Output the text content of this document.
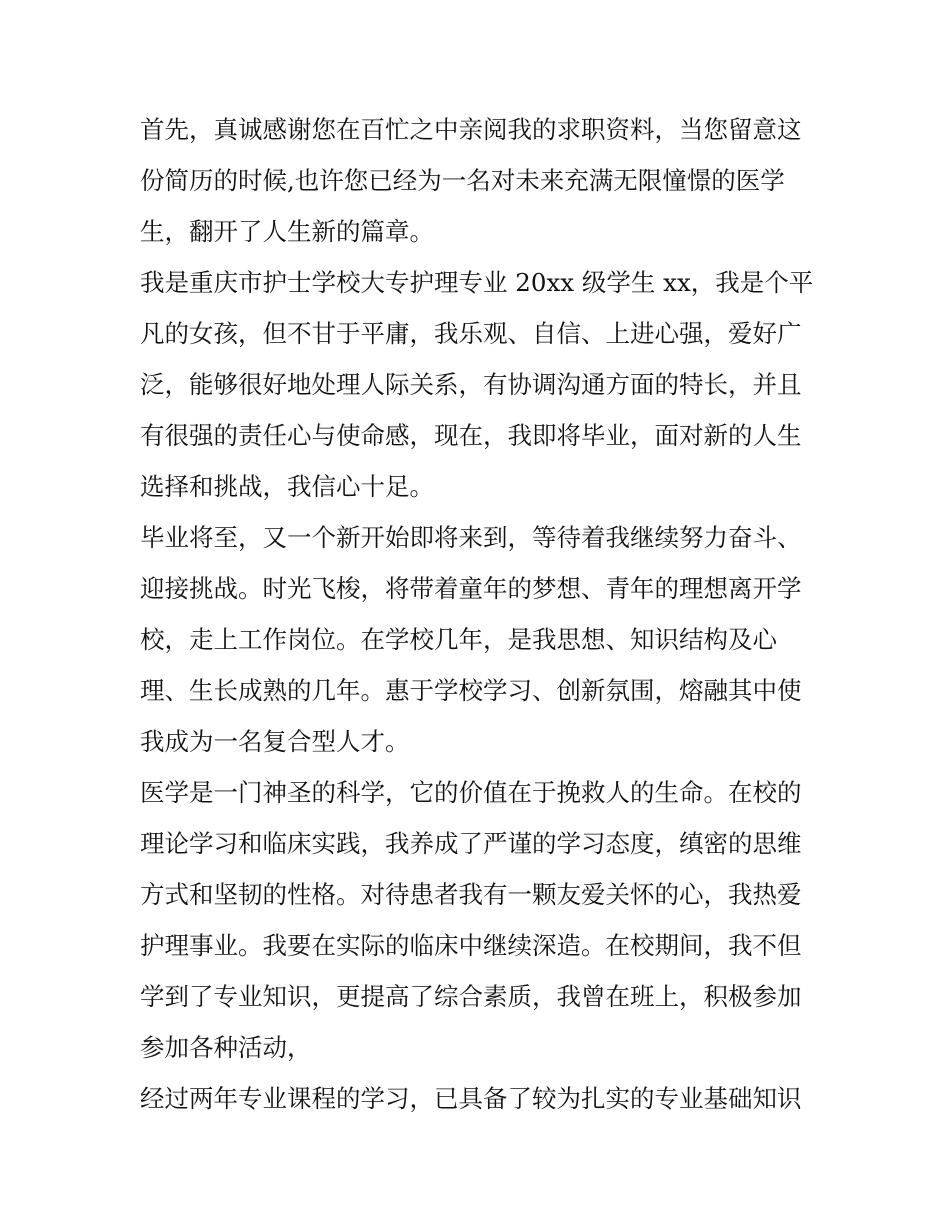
首先，真诚感谢您在百忙之中亲阅我的求职资料，当您留意这
份简历的时候,也许您已经为一名对未来充满无限憧憬的医学
生，翻开了人生新的篇章。
我是重庆市护士学校大专护理专业 20xx 级学生 xx，我是个平
凡的女孩，但不甘于平庸，我乐观、自信、上进心强，爱好广
泛，能够很好地处理人际关系，有协调沟通方面的特长，并且
有很强的责任心与使命感，现在，我即将毕业，面对新的人生
选择和挑战，我信心十足。
毕业将至，又一个新开始即将来到，等待着我继续努力奋斗、
迎接挑战。时光飞梭，将带着童年的梦想、青年的理想离开学
校，走上工作岗位。在学校几年，是我思想、知识结构及心
理、生长成熟的几年。惠于学校学习、创新氛围，熔融其中使
我成为一名复合型人才。
医学是一门神圣的科学，它的价值在于挽救人的生命。在校的
理论学习和临床实践，我养成了严谨的学习态度，缜密的思维
方式和坚韧的性格。对待患者我有一颗友爱关怀的心，我热爱
护理事业。我要在实际的临床中继续深造。在校期间，我不但
学到了专业知识，更提高了综合素质，我曾在班上，积极参加
参加各种活动，
经过两年专业课程的学习，已具备了较为扎实的专业基础知识
